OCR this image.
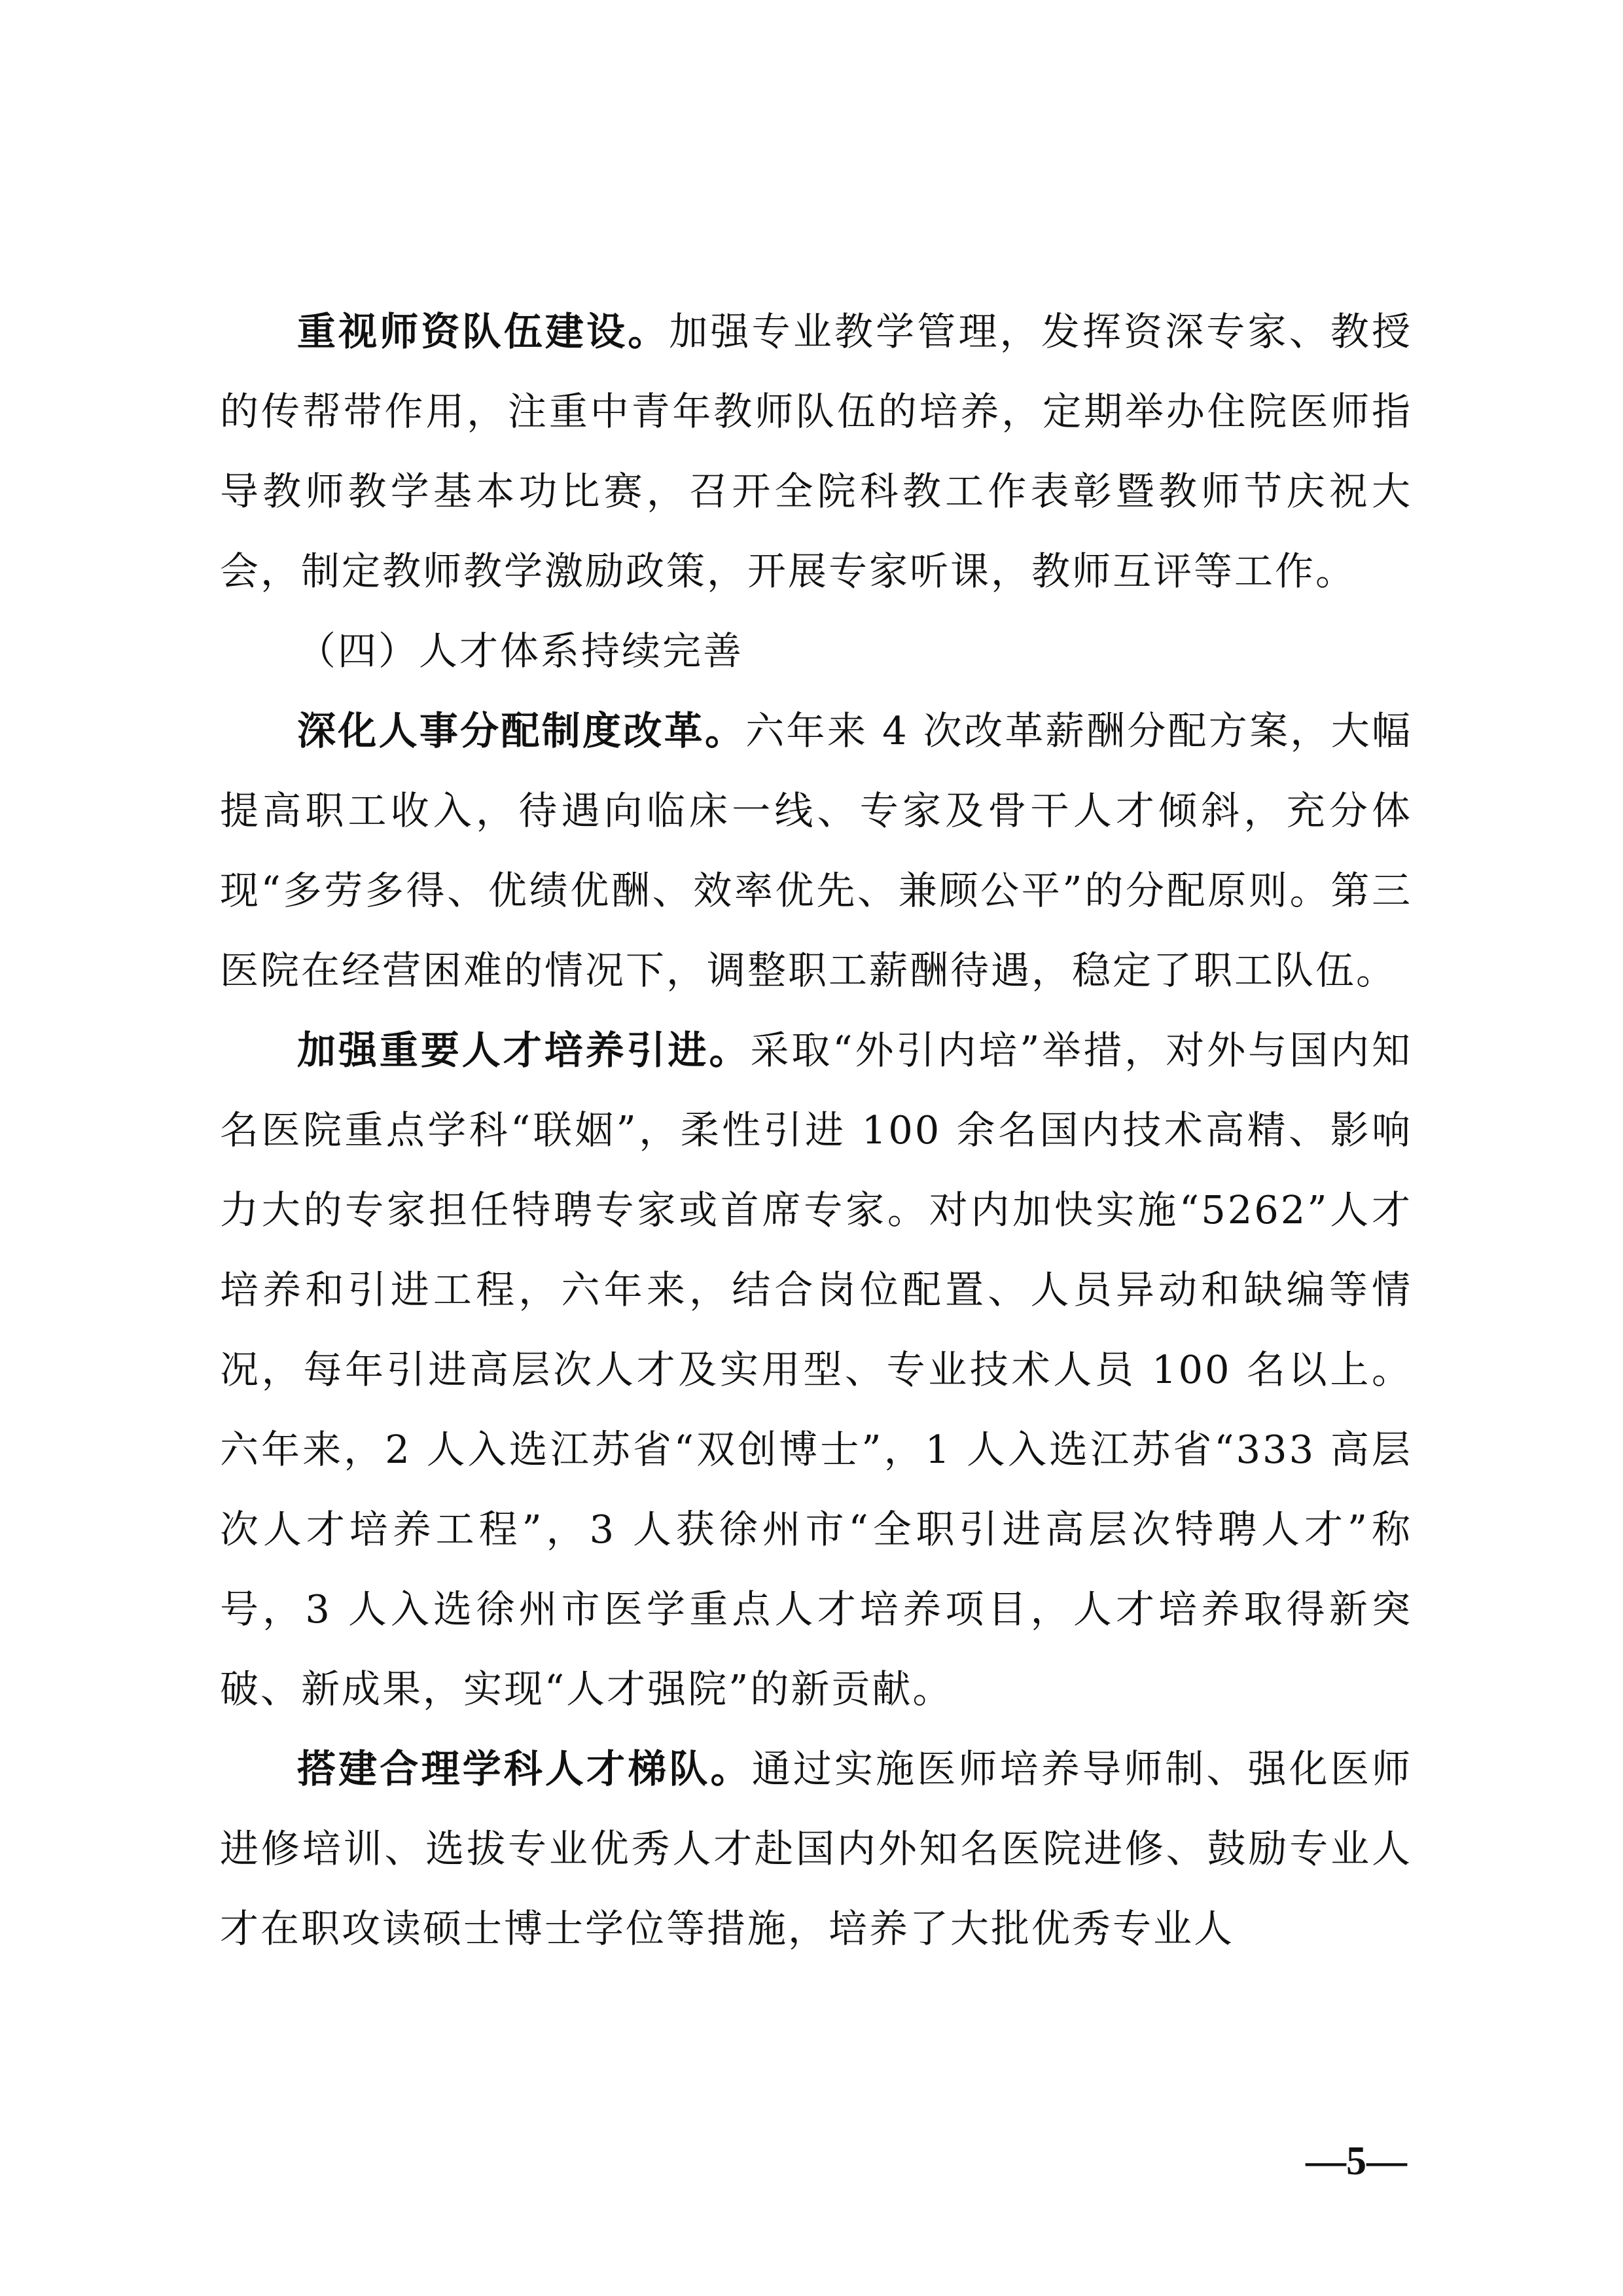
重视师资队伍建设。加强专业教学管理，发挥资深专家、教授的传帮带作用，注重中青年教师队伍的培养，定期举办住院医师指导教师教学基本功比赛，召开全院科教工作表彰暨教师节庆祝大会，制定教师教学激励政策，开展专家听课，教师互评等工作。

（四）人才体系持续完善

深化人事分配制度改革。六年来 4 次改革薪酬分配方案，大幅提高职工收入，待遇向临床一线、专家及骨干人才倾斜，充分体现“多劳多得、优绩优酬、效率优先、兼顾公平”的分配原则。第三医院在经营困难的情况下，调整职工薪酬待遇，稳定了职工队伍。

加强重要人才培养引进。采取“外引内培”举措，对外与国内知名医院重点学科“联姻”，柔性引进 100 余名国内技术高精、影响力大的专家担任特聘专家或首席专家。对内加快实施“5262”人才培养和引进工程，六年来，结合岗位配置、人员异动和缺编等情况，每年引进高层次人才及实用型、专业技术人员 100 名以上。六年来，2 人入选江苏省“双创博士”，1 人入选江苏省“333 高层次人才培养工程”，3 人获徐州市“全职引进高层次特聘人才”称号，3 人入选徐州市医学重点人才培养项目，人才培养取得新突破、新成果，实现“人才强院”的新贡献。

搭建合理学科人才梯队。通过实施医师培养导师制、强化医师进修培训、选拔专业优秀人才赴国内外知名医院进修、鼓励专业人才在职攻读硕士博士学位等措施，培养了大批优秀专业人

—5—
